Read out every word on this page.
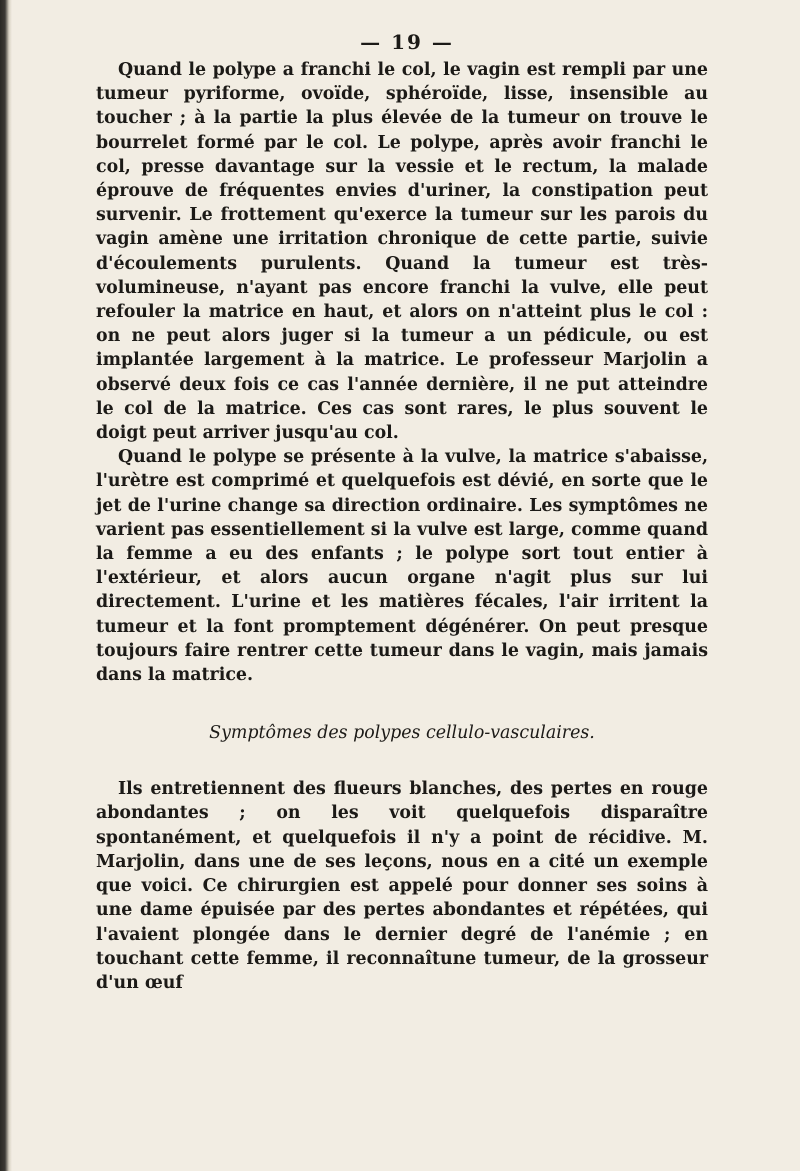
— 19 —

Quand le polype a franchi le col, le vagin est rempli par une tumeur pyriforme, ovoïde, sphéroïde, lisse, insensible au toucher ; à la partie la plus élevée de la tumeur on trouve le bourrelet formé par le col. Le polype, après avoir franchi le col, presse davantage sur la vessie et le rectum, la malade éprouve de fréquentes envies d'uriner, la constipation peut survenir. Le frottement qu'exerce la tumeur sur les parois du vagin amène une irritation chronique de cette partie, suivie d'écoulements purulents. Quand la tumeur est très-volumineuse, n'ayant pas encore franchi la vulve, elle peut refouler la matrice en haut, et alors on n'atteint plus le col : on ne peut alors juger si la tumeur a un pédicule, ou est implantée largement à la matrice. Le professeur Marjolin a observé deux fois ce cas l'année dernière, il ne put atteindre le col de la matrice. Ces cas sont rares, le plus souvent le doigt peut arriver jusqu'au col.

Quand le polype se présente à la vulve, la matrice s'abaisse, l'urètre est comprimé et quelquefois est dévié, en sorte que le jet de l'urine change sa direction ordinaire. Les symptômes ne varient pas essentiellement si la vulve est large, comme quand la femme a eu des enfants ; le polype sort tout entier à l'extérieur, et alors aucun organe n'agit plus sur lui directement. L'urine et les matières fécales, l'air irritent la tumeur et la font promptement dégénérer. On peut presque toujours faire rentrer cette tumeur dans le vagin, mais jamais dans la matrice.

Symptômes des polypes cellulo-vasculaires.

Ils entretiennent des flueurs blanches, des pertes en rouge abondantes ; on les voit quelquefois disparaître spontanément, et quelquefois il n'y a point de récidive. M. Marjolin, dans une de ses leçons, nous en a cité un exemple que voici. Ce chirurgien est appelé pour donner ses soins à une dame épuisée par des pertes abondantes et répétées, qui l'avaient plongée dans le dernier degré de l'anémie ; en touchant cette femme, il reconnaîtune tumeur, de la grosseur d'un œuf
